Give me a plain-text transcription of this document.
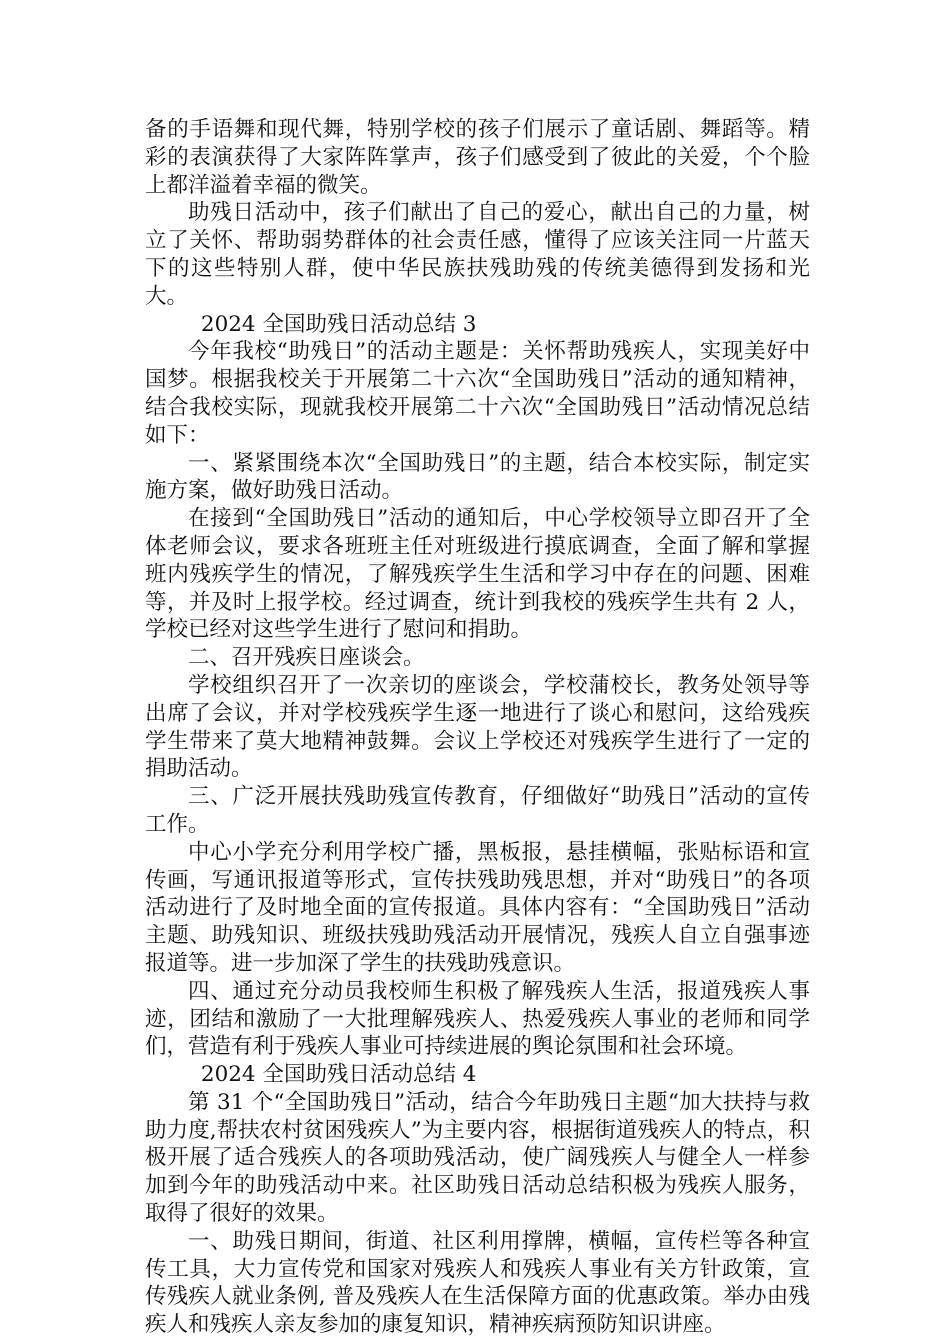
备的手语舞和现代舞，特别学校的孩子们展示了童话剧、舞蹈等。精彩的表演获得了大家阵阵掌声，孩子们感受到了彼此的关爱，个个脸上都洋溢着幸福的微笑。

助残日活动中，孩子们献出了自己的爱心，献出自己的力量，树立了关怀、帮助弱势群体的社会责任感，懂得了应该关注同一片蓝天下的这些特别人群，使中华民族扶残助残的传统美德得到发扬和光大。

2024 全国助残日活动总结 3

今年我校“助残日”的活动主题是：关怀帮助残疾人，实现美好中国梦。根据我校关于开展第二十六次“全国助残日”活动的通知精神，结合我校实际，现就我校开展第二十六次“全国助残日”活动情况总结如下：

一、紧紧围绕本次“全国助残日”的主题，结合本校实际，制定实施方案，做好助残日活动。

在接到“全国助残日”活动的通知后，中心学校领导立即召开了全体老师会议，要求各班班主任对班级进行摸底调查，全面了解和掌握班内残疾学生的情况，了解残疾学生生活和学习中存在的问题、困难等，并及时上报学校。经过调查，统计到我校的残疾学生共有 2 人，学校已经对这些学生进行了慰问和捐助。

二、召开残疾日座谈会。

学校组织召开了一次亲切的座谈会，学校蒲校长，教务处领导等出席了会议，并对学校残疾学生逐一地进行了谈心和慰问，这给残疾学生带来了莫大地精神鼓舞。会议上学校还对残疾学生进行了一定的捐助活动。

三、广泛开展扶残助残宣传教育，仔细做好“助残日”活动的宣传工作。

中心小学充分利用学校广播，黑板报，悬挂横幅，张贴标语和宣传画，写通讯报道等形式，宣传扶残助残思想，并对“助残日”的各项活动进行了及时地全面的宣传报道。具体内容有：“全国助残日”活动主题、助残知识、班级扶残助残活动开展情况，残疾人自立自强事迹报道等。进一步加深了学生的扶残助残意识。

四、通过充分动员我校师生积极了解残疾人生活，报道残疾人事迹，团结和激励了一大批理解残疾人、热爱残疾人事业的老师和同学们，营造有利于残疾人事业可持续进展的舆论氛围和社会环境。

2024 全国助残日活动总结 4

第 31 个“全国助残日”活动，结合今年助残日主题“加大扶持与救助力度,帮扶农村贫困残疾人”为主要内容，根据街道残疾人的特点，积极开展了适合残疾人的各项助残活动，使广阔残疾人与健全人一样参加到今年的助残活动中来。社区助残日活动总结积极为残疾人服务，取得了很好的效果。

一、助残日期间，街道、社区利用撑牌，横幅，宣传栏等各种宣传工具，大力宣传党和国家对残疾人和残疾人事业有关方针政策，宣传残疾人就业条例, 普及残疾人在生活保障方面的优惠政策。举办由残疾人和残疾人亲友参加的康复知识，精神疾病预防知识讲座。
